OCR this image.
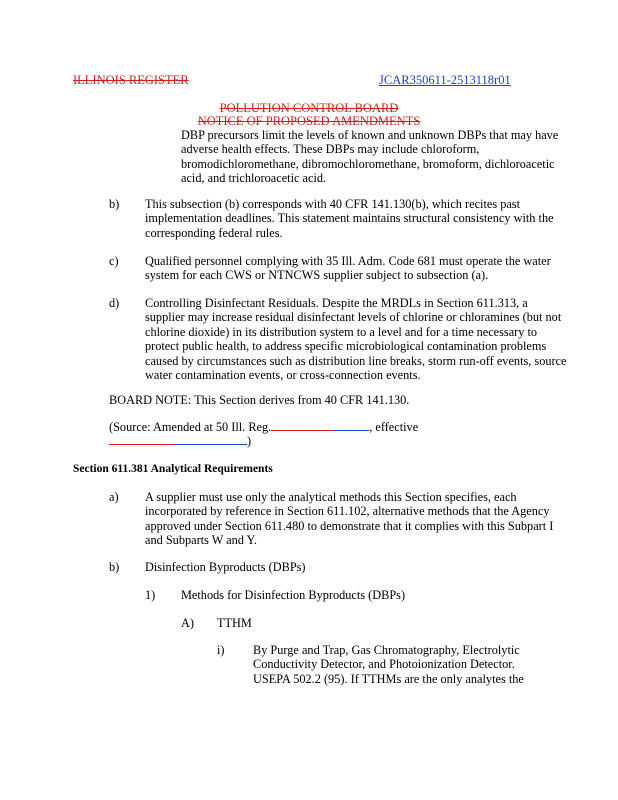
ILLINOIS REGISTER	JCAR350611-2513118r01
POLLUTION CONTROL BOARD
NOTICE OF PROPOSED AMENDMENTS
DBP precursors limit the levels of known and unknown DBPs that may have adverse health effects. These DBPs may include chloroform, bromodichloromethane, dibromochloromethane, bromoform, dichloroacetic acid, and trichloroacetic acid.
b) This subsection (b) corresponds with 40 CFR 141.130(b), which recites past implementation deadlines. This statement maintains structural consistency with the corresponding federal rules.
c) Qualified personnel complying with 35 Ill. Adm. Code 681 must operate the water system for each CWS or NTNCWS supplier subject to subsection (a).
d) Controlling Disinfectant Residuals. Despite the MRDLs in Section 611.313, a supplier may increase residual disinfectant levels of chlorine or chloramines (but not chlorine dioxide) in its distribution system to a level and for a time necessary to protect public health, to address specific microbiological contamination problems caused by circumstances such as distribution line breaks, storm run-off events, source water contamination events, or cross-connection events.
BOARD NOTE: This Section derives from 40 CFR 141.130.
(Source: Amended at 50 Ill. Reg.	, effective
)
Section 611.381 Analytical Requirements
a) A supplier must use only the analytical methods this Section specifies, each incorporated by reference in Section 611.102, alternative methods that the Agency approved under Section 611.480 to demonstrate that it complies with this Subpart I and Subparts W and Y.
b) Disinfection Byproducts (DBPs)
1) Methods for Disinfection Byproducts (DBPs)
A) TTHM
i) By Purge and Trap, Gas Chromatography, Electrolytic Conductivity Detector, and Photoionization Detector. USEPA 502.2 (95). If TTHMs are the only analytes the
